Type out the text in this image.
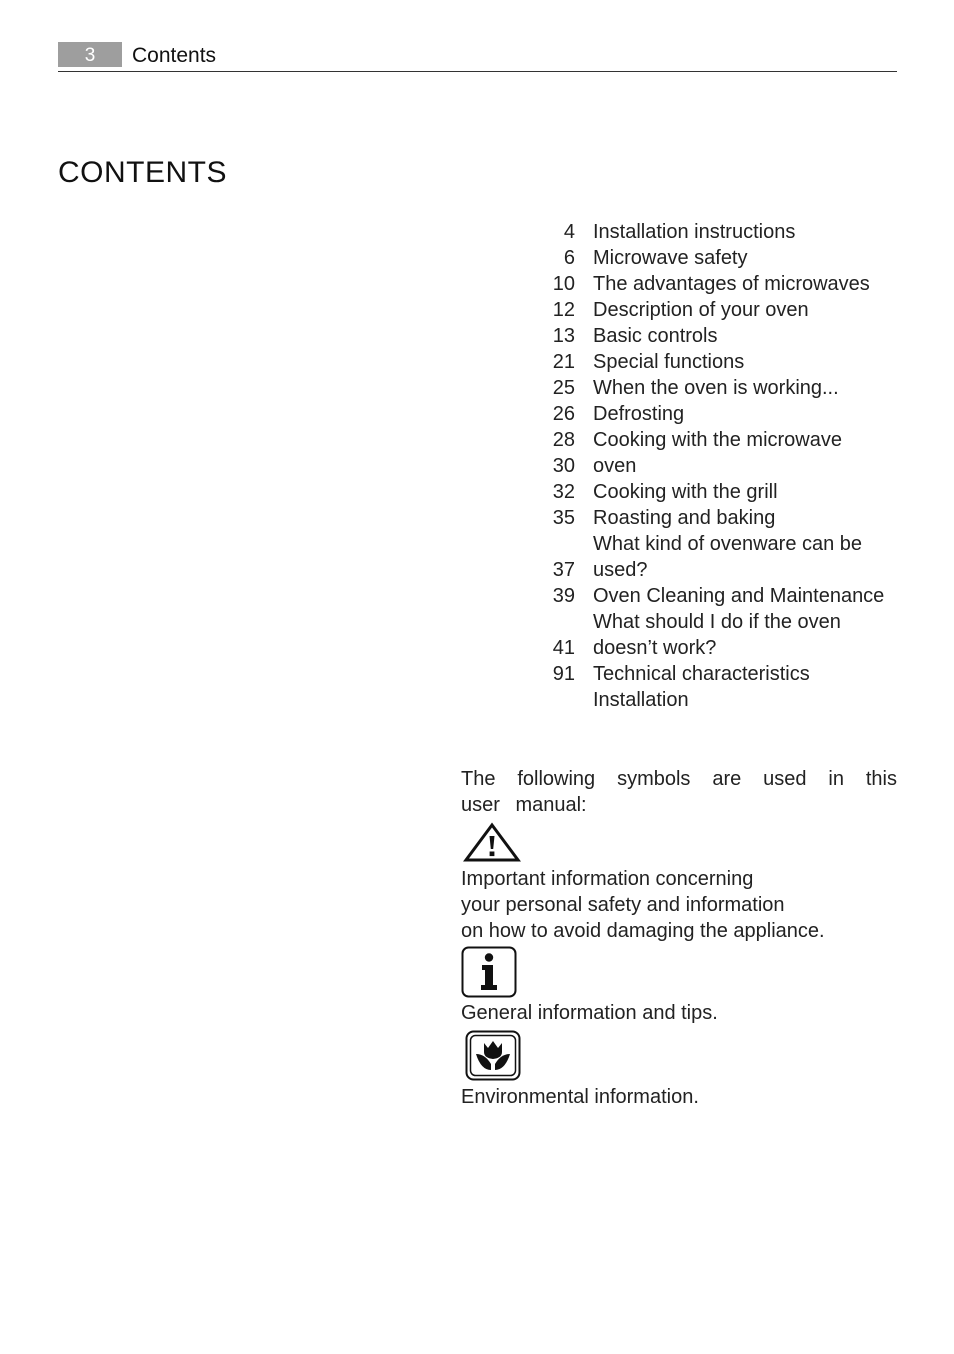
3	Contents
CONTENTS
4 Installation instructions
6 Microwave safety
10 The advantages of microwaves
12 Description of your oven
13 Basic controls
21 Special functions
25 When the oven is working...
26 Defrosting
28 Cooking with the microwave
30 oven
32 Cooking with the grill
35 Roasting and baking
What kind of ovenware can be
37 used?
39 Oven Cleaning and Maintenance
What should I do if the oven
41 doesn’t work?
91 Technical characteristics
Installation

The following symbols are used in this user manual:

Important information concerning

your personal safety and information

on how to avoid damaging the appliance.

General information and tips.

Environmental information.
